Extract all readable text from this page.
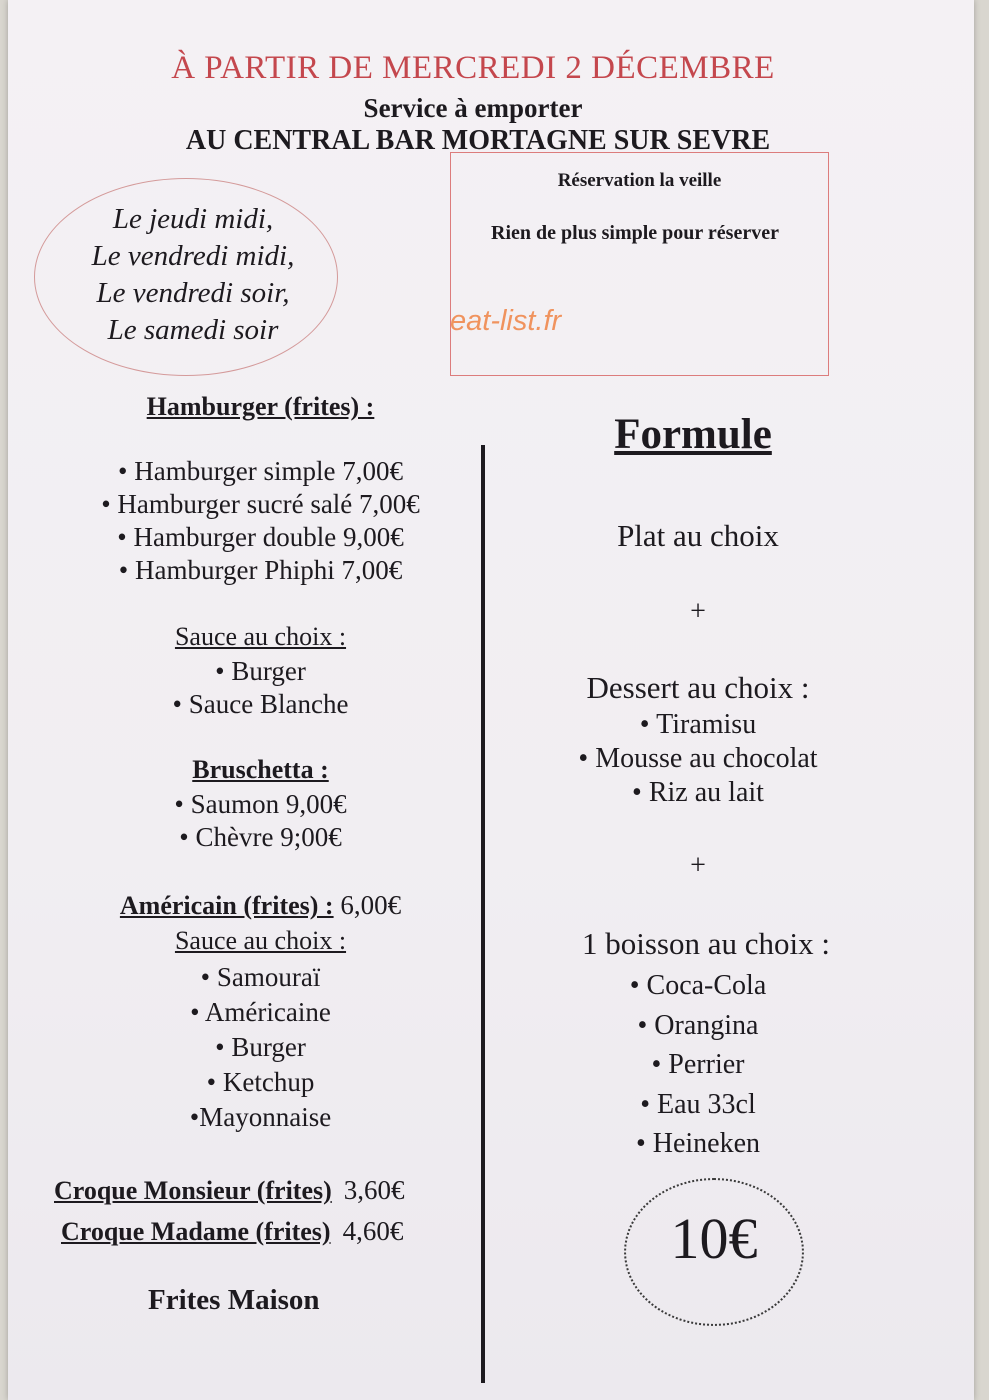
À PARTIR DE MERCREDI 2 DÉCEMBRE
Service à emporter
AU CENTRAL BAR MORTAGNE SUR SEVRE
Le jeudi midi,
Le vendredi midi,
Le vendredi soir,
Le samedi soir
Réservation la veille
Rien de plus simple pour réserver
eat-list.fr
Hamburger (frites) :
• Hamburger simple 7,00€
• Hamburger sucré salé 7,00€
• Hamburger double 9,00€
• Hamburger Phiphi 7,00€
Sauce au choix :
• Burger
• Sauce Blanche
Bruschetta :
• Saumon 9,00€
• Chèvre 9;00€
Américain (frites) : 6,00€
Sauce au choix :
• Samouraï
• Américaine
• Burger
• Ketchup
•Mayonnaise
Croque Monsieur (frites) 3,60€
Croque Madame (frites) 4,60€
Frites Maison
Formule
Plat au choix
+
Dessert au choix :
• Tiramisu
• Mousse au chocolat
• Riz au lait
+
1 boisson au choix :
• Coca-Cola
• Orangina
• Perrier
• Eau 33cl
• Heineken
10€
